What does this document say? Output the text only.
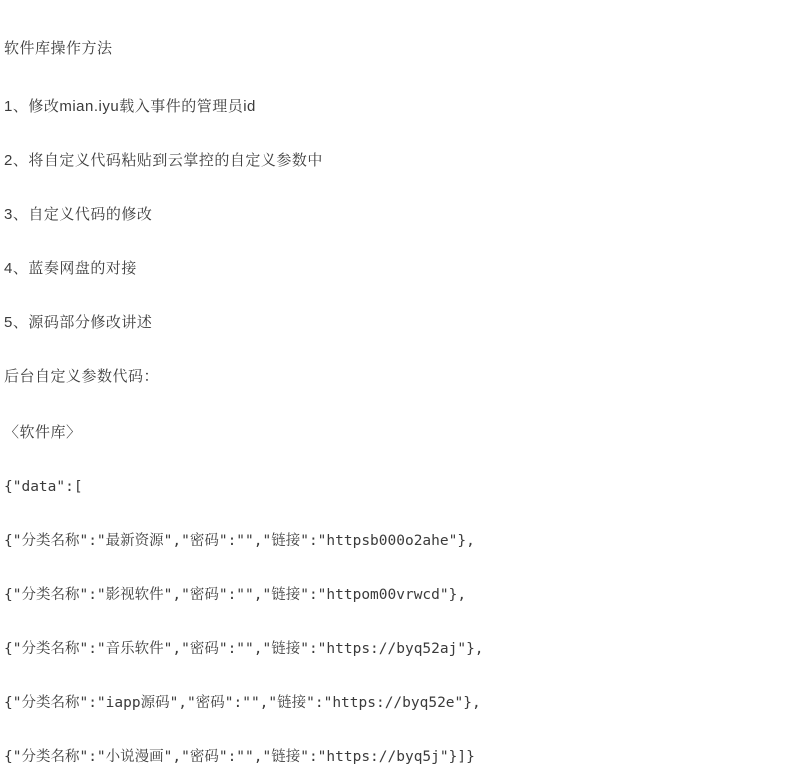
软件库操作方法
1、修改mian.iyu载入事件的管理员id
2、将自定义代码粘贴到云掌控的自定义参数中
3、自定义代码的修改
4、蓝奏网盘的对接
5、源码部分修改讲述
后台自定义参数代码：
〈软件库〉
{"data":[
{"分类名称":"最新资源","密码":"","链接":"httpsb000o2ahe"},
{"分类名称":"影视软件","密码":"","链接":"httpom00vrwcd"},
{"分类名称":"音乐软件","密码":"","链接":"https://byq52aj"},
{"分类名称":"iapp源码","密码":"","链接":"https://byq52e"},
{"分类名称":"小说漫画","密码":"","链接":"https://byq5j"}]}
